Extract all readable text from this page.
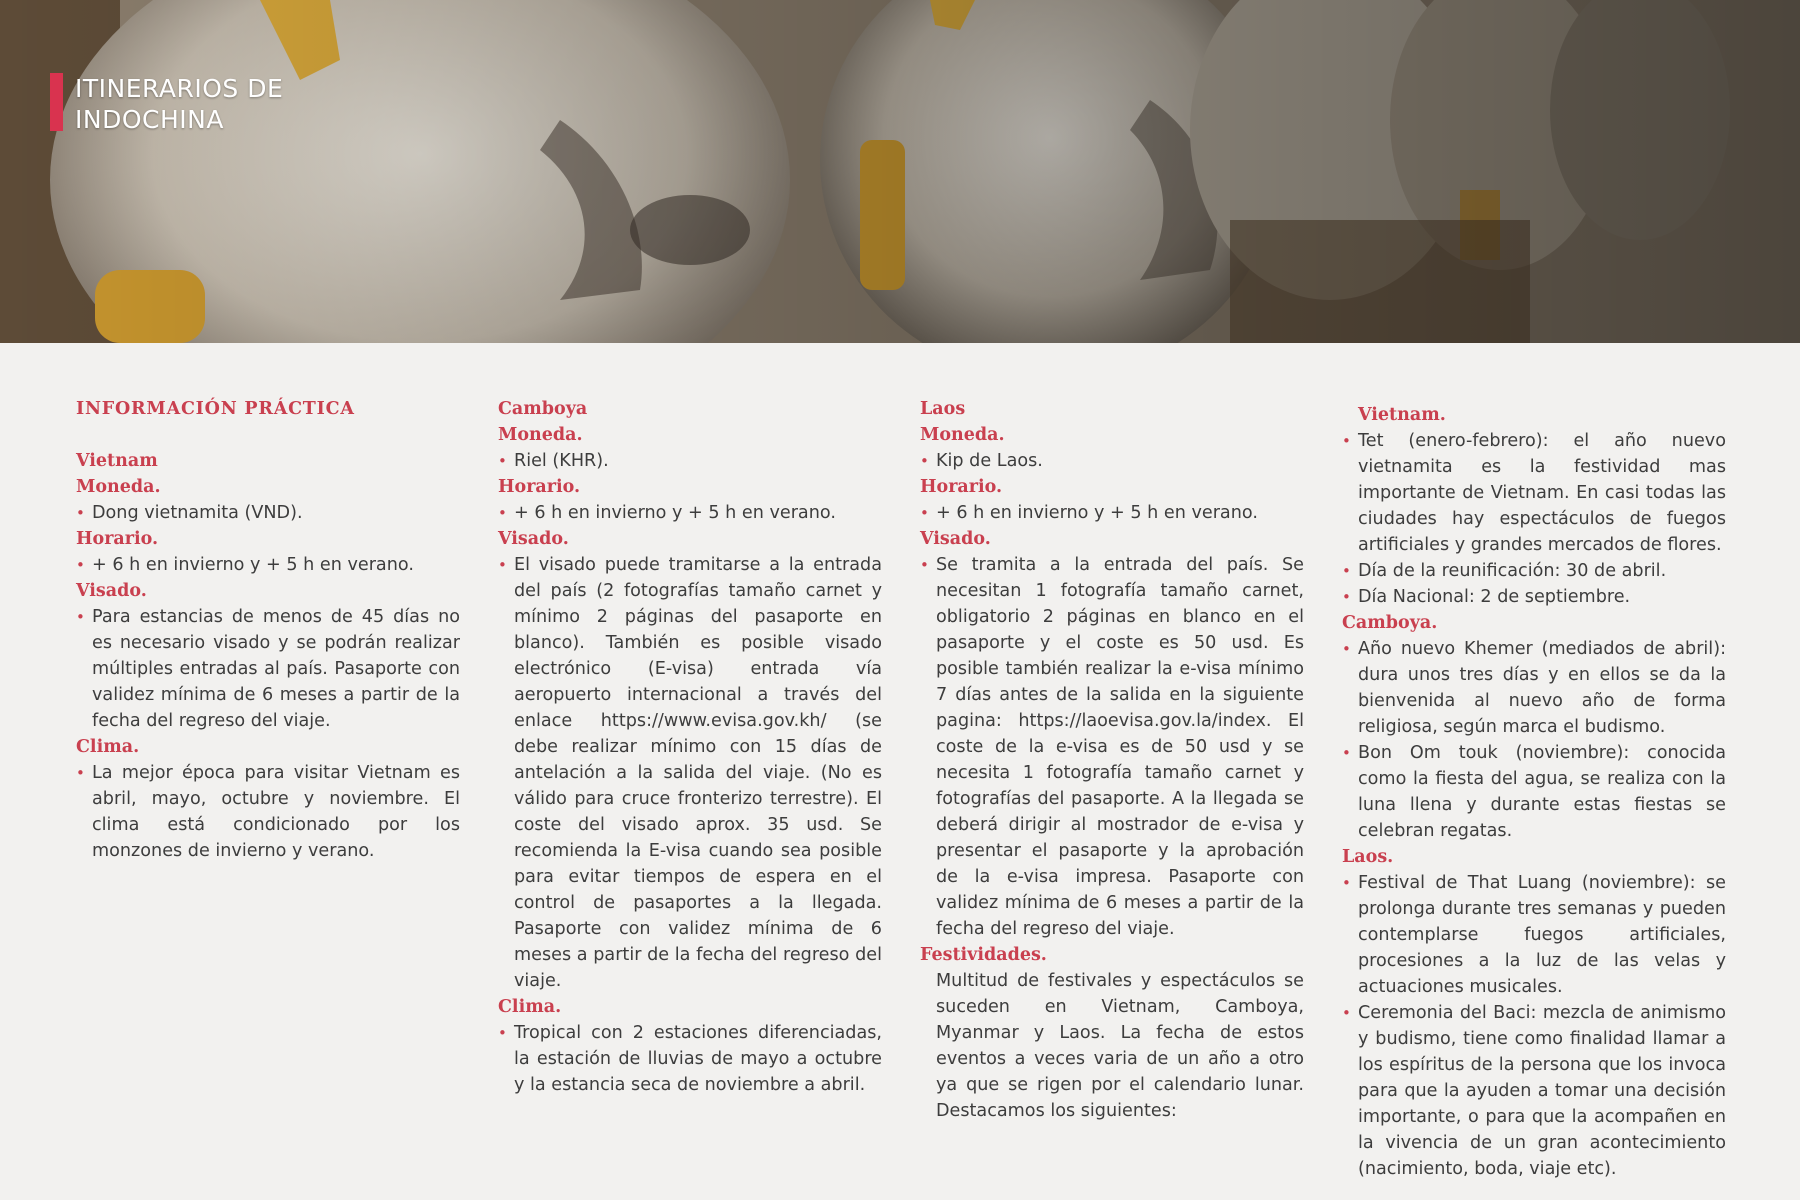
ITINERARIOS DE
INDOCHINA
INFORMACIÓN PRÁCTICA
Vietnam
Moneda.
• Dong vietnamita (VND).
Horario.
• + 6 h en invierno y + 5 h en verano.
Visado.
• Para estancias de menos de 45 días no es necesario visado y se podrán realizar múltiples entradas al país. Pasaporte con validez mínima de 6 meses a partir de la fecha del regreso del viaje.
Clima.
• La mejor época para visitar Vietnam es abril, mayo, octubre y noviembre. El clima está condicionado por los monzones de invierno y verano.
Camboya
Moneda.
• Riel (KHR).
Horario.
• + 6 h en invierno y + 5 h en verano.
Visado.
• El visado puede tramitarse a la entrada del país (2 fotografías tamaño carnet y mínimo 2 páginas del pasaporte en blanco). También es posible visado electrónico (E-visa) entrada vía aeropuerto internacional a través del enlace https://www.evisa.gov.kh/ (se debe realizar mínimo con 15 días de antelación a la salida del viaje. (No es válido para cruce fronterizo terrestre). El coste del visado aprox. 35 usd. Se recomienda la E-visa cuando sea posible para evitar tiempos de espera en el control de pasaportes a la llegada. Pasaporte con validez mínima de 6 meses a partir de la fecha del regreso del viaje.
Clima.
• Tropical con 2 estaciones diferenciadas, la estación de lluvias de mayo a octubre y la estancia seca de noviembre a abril.
Laos
Moneda.
• Kip de Laos.
Horario.
• + 6 h en invierno y + 5 h en verano.
Visado.
• Se tramita a la entrada del país. Se necesitan 1 fotografía tamaño carnet, obligatorio 2 páginas en blanco en el pasaporte y el coste es 50 usd. Es posible también realizar la e-visa mínimo 7 días antes de la salida en la siguiente pagina: https://laoevisa.gov.la/index. El coste de la e-visa es de 50 usd y se necesita 1 fotografía tamaño carnet y fotografías del pasaporte. A la llegada se deberá dirigir al mostrador de e-visa y presentar el pasaporte y la aprobación de la e-visa impresa. Pasaporte con validez mínima de 6 meses a partir de la fecha del regreso del viaje.
Festividades.
Multitud de festivales y espectáculos se suceden en Vietnam, Camboya, Myanmar y Laos. La fecha de estos eventos a veces varia de un año a otro ya que se rigen por el calendario lunar. Destacamos los siguientes:
Vietnam.
• Tet (enero-febrero): el año nuevo vietnamita es la festividad mas importante de Vietnam. En casi todas las ciudades hay espectáculos de fuegos artificiales y grandes mercados de flores.
• Día de la reunificación: 30 de abril.
• Día Nacional: 2 de septiembre.
Camboya.
• Año nuevo Khemer (mediados de abril): dura unos tres días y en ellos se da la bienvenida al nuevo año de forma religiosa, según marca el budismo.
• Bon Om touk (noviembre): conocida como la fiesta del agua, se realiza con la luna llena y durante estas fiestas se celebran regatas.
Laos.
• Festival de That Luang (noviembre): se prolonga durante tres semanas y pueden contemplarse fuegos artificiales, procesiones a la luz de las velas y actuaciones musicales.
• Ceremonia del Baci: mezcla de animismo y budismo, tiene como finalidad llamar a los espíritus de la persona que los invoca para que la ayuden a tomar una decisión importante, o para que la acompañen en la vivencia de un gran acontecimiento (nacimiento, boda, viaje etc).
